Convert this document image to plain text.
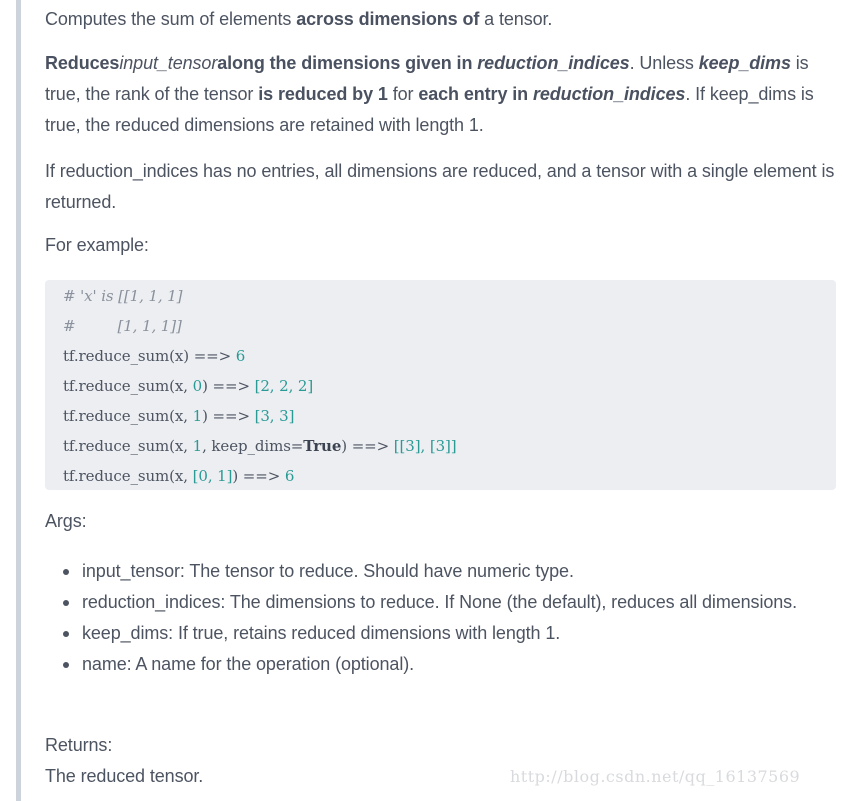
Computes the sum of elements across dimensions of a tensor.

Reducesinput_tensoralong the dimensions given in reduction_indices. Unless keep_dims is true, the rank of the tensor is reduced by 1 for each entry in reduction_indices. If keep_dims is true, the reduced dimensions are retained with length 1.

If reduction_indices has no entries, all dimensions are reduced, and a tensor with a single element is returned.

For example:

# 'x' is [[1, 1, 1]
#         [1, 1, 1]]
tf.reduce_sum(x) ==> 6
tf.reduce_sum(x, 0) ==> [2, 2, 2]
tf.reduce_sum(x, 1) ==> [3, 3]
tf.reduce_sum(x, 1, keep_dims=True) ==> [[3], [3]]
tf.reduce_sum(x, [0, 1]) ==> 6

Args:

input_tensor: The tensor to reduce. Should have numeric type.
reduction_indices: The dimensions to reduce. If None (the default), reduces all dimensions.
keep_dims: If true, retains reduced dimensions with length 1.
name: A name for the operation (optional).

Returns:

The reduced tensor.	http://blog.csdn.net/qq_16137569
